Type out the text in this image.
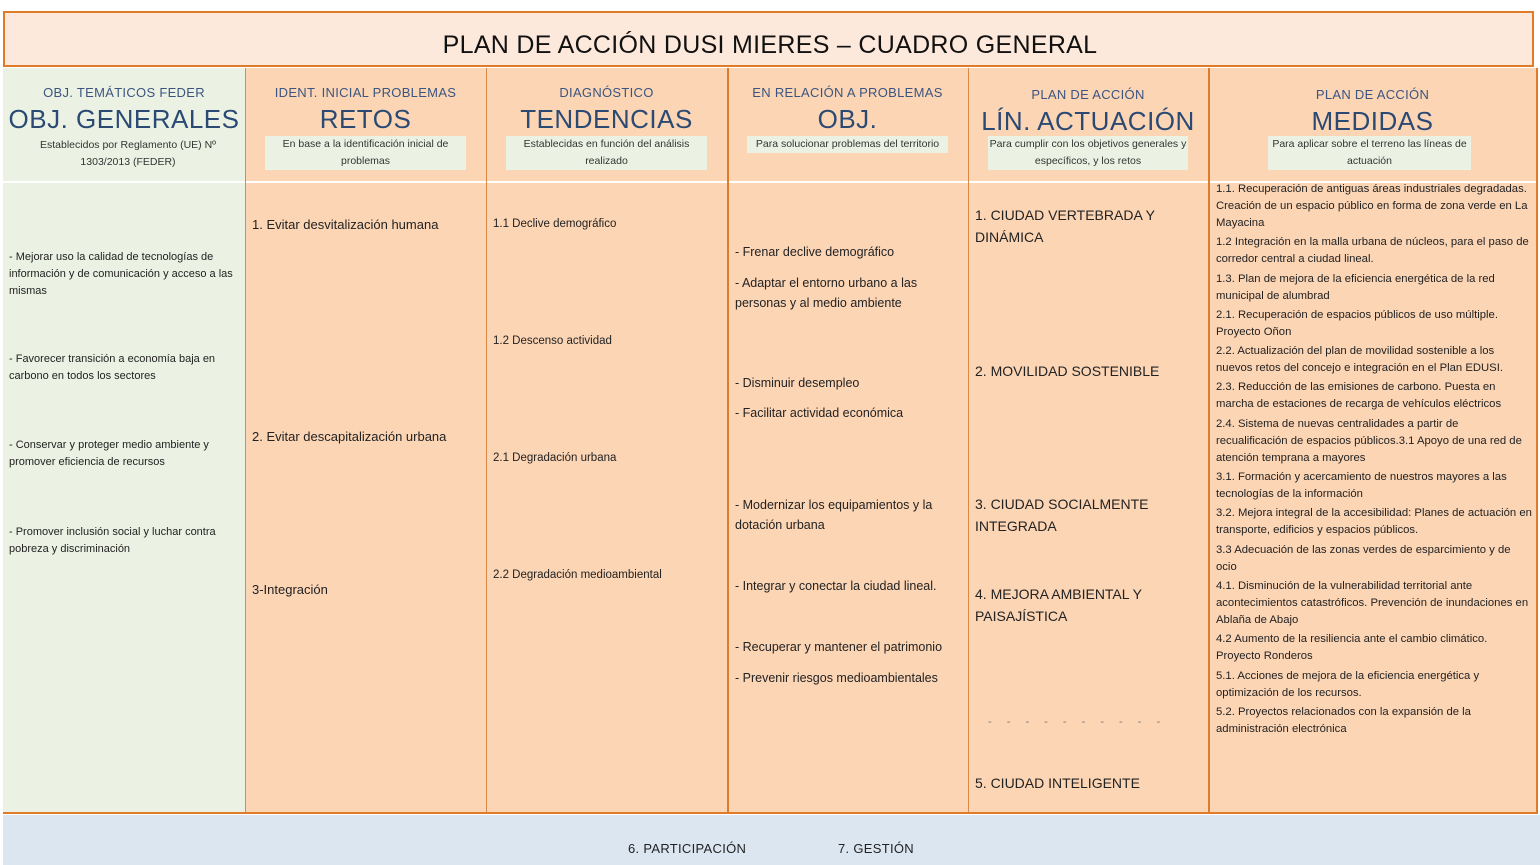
PLAN DE ACCIÓN DUSI MIERES – CUADRO GENERAL
OBJ. TEMÁTICOS FEDER
OBJ. GENERALES
Establecidos por Reglamento (UE) Nº 1303/2013 (FEDER)
- Mejorar uso la calidad de tecnologías de información y de comunicación y acceso a las mismas
- Favorecer transición a economía baja en carbono en todos los sectores
- Conservar y proteger medio ambiente y promover eficiencia de recursos
- Promover inclusión social y luchar contra pobreza y discriminación
IDENT. INICIAL PROBLEMAS
RETOS
En base a la identificación inicial de problemas
1. Evitar desvitalización humana
2. Evitar descapitalización urbana
3-Integración
DIAGNÓSTICO
TENDENCIAS
Establecidas en función del análisis realizado
1.1 Declive demográfico
1.2 Descenso actividad
2.1 Degradación urbana
2.2 Degradación medioambiental
EN RELACIÓN A PROBLEMAS
OBJ.
Para solucionar problemas del territorio
- Frenar declive demográfico
- Adaptar el entorno urbano a las personas y al medio ambiente
- Disminuir desempleo
- Facilitar actividad económica
- Modernizar los equipamientos y la dotación urbana
- Integrar y conectar la ciudad lineal.
- Recuperar y mantener el patrimonio
- Prevenir riesgos medioambientales
PLAN DE ACCIÓN
LÍN. ACTUACIÓN
Para cumplir con los objetivos generales y específicos, y los retos
1. CIUDAD VERTEBRADA Y DINÁMICA
2. MOVILIDAD SOSTENIBLE
3. CIUDAD SOCIALMENTE INTEGRADA
4. MEJORA AMBIENTAL Y PAISAJÍSTICA
- - - - - - - - - -
5. CIUDAD INTELIGENTE
PLAN DE ACCIÓN
MEDIDAS
Para aplicar sobre el terreno las líneas de actuación
1.1. Recuperación de antiguas áreas industriales degradadas. Creación de un espacio público en forma de zona verde en La Mayacina
1.2 Integración en la malla urbana de núcleos, para el paso de corredor central a ciudad lineal.
1.3. Plan de mejora de la eficiencia energética de la red municipal de alumbrad
2.1. Recuperación de espacios públicos de uso múltiple. Proyecto Oñon
2.2. Actualización del plan de movilidad sostenible a los nuevos retos del concejo e integración en el Plan EDUSI.
2.3. Reducción de las emisiones de carbono. Puesta en marcha de estaciones de recarga de vehículos eléctricos
2.4. Sistema de nuevas centralidades a partir de recualificación de espacios públicos.3.1 Apoyo de una red de atención temprana a mayores
3.1. Formación y acercamiento de nuestros mayores a las tecnologías de la información
3.2. Mejora integral de la accesibilidad: Planes de actuación en transporte, edificios y espacios públicos.
3.3 Adecuación de las zonas verdes de esparcimiento y de ocio
4.1. Disminución de la vulnerabilidad territorial ante acontecimientos catastróficos. Prevención de inundaciones en Ablaña de Abajo
4.2 Aumento de la resiliencia ante el cambio climático. Proyecto Ronderos
5.1. Acciones de mejora de la eficiencia energética y optimización de los recursos.
5.2. Proyectos relacionados con la expansión de la administración electrónica
6. PARTICIPACIÓN	7. GESTIÓN
